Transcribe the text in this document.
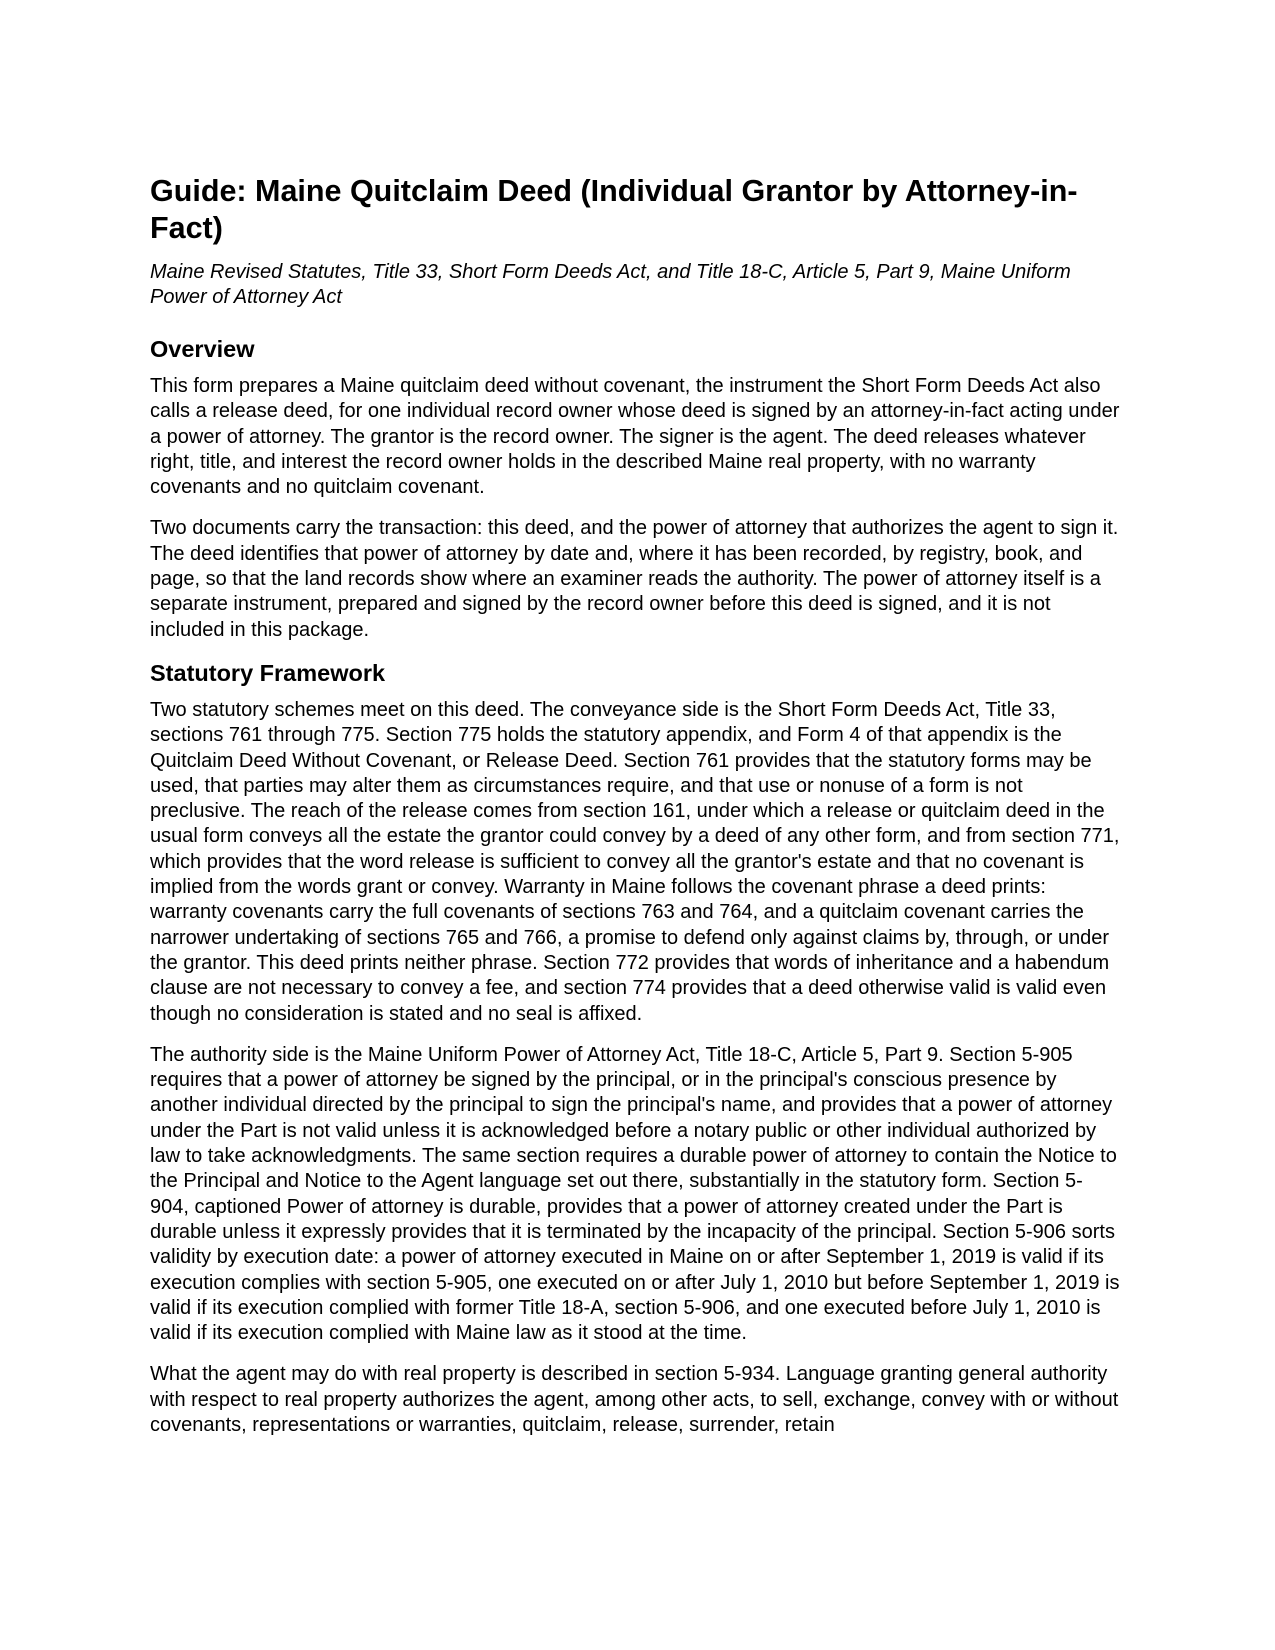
Guide: Maine Quitclaim Deed (Individual Grantor by Attorney-in-Fact)

Maine Revised Statutes, Title 33, Short Form Deeds Act, and Title 18-C, Article 5, Part 9, Maine Uniform Power of Attorney Act

Overview

This form prepares a Maine quitclaim deed without covenant, the instrument the Short Form Deeds Act also calls a release deed, for one individual record owner whose deed is signed by an attorney-in-fact acting under a power of attorney. The grantor is the record owner. The signer is the agent. The deed releases whatever right, title, and interest the record owner holds in the described Maine real property, with no warranty covenants and no quitclaim covenant.

Two documents carry the transaction: this deed, and the power of attorney that authorizes the agent to sign it. The deed identifies that power of attorney by date and, where it has been recorded, by registry, book, and page, so that the land records show where an examiner reads the authority. The power of attorney itself is a separate instrument, prepared and signed by the record owner before this deed is signed, and it is not included in this package.

Statutory Framework

Two statutory schemes meet on this deed. The conveyance side is the Short Form Deeds Act, Title 33, sections 761 through 775. Section 775 holds the statutory appendix, and Form 4 of that appendix is the Quitclaim Deed Without Covenant, or Release Deed. Section 761 provides that the statutory forms may be used, that parties may alter them as circumstances require, and that use or nonuse of a form is not preclusive. The reach of the release comes from section 161, under which a release or quitclaim deed in the usual form conveys all the estate the grantor could convey by a deed of any other form, and from section 771, which provides that the word release is sufficient to convey all the grantor's estate and that no covenant is implied from the words grant or convey. Warranty in Maine follows the covenant phrase a deed prints: warranty covenants carry the full covenants of sections 763 and 764, and a quitclaim covenant carries the narrower undertaking of sections 765 and 766, a promise to defend only against claims by, through, or under the grantor. This deed prints neither phrase. Section 772 provides that words of inheritance and a habendum clause are not necessary to convey a fee, and section 774 provides that a deed otherwise valid is valid even though no consideration is stated and no seal is affixed.

The authority side is the Maine Uniform Power of Attorney Act, Title 18-C, Article 5, Part 9. Section 5-905 requires that a power of attorney be signed by the principal, or in the principal's conscious presence by another individual directed by the principal to sign the principal's name, and provides that a power of attorney under the Part is not valid unless it is acknowledged before a notary public or other individual authorized by law to take acknowledgments. The same section requires a durable power of attorney to contain the Notice to the Principal and Notice to the Agent language set out there, substantially in the statutory form. Section 5-904, captioned Power of attorney is durable, provides that a power of attorney created under the Part is durable unless it expressly provides that it is terminated by the incapacity of the principal. Section 5-906 sorts validity by execution date: a power of attorney executed in Maine on or after September 1, 2019 is valid if its execution complies with section 5-905, one executed on or after July 1, 2010 but before September 1, 2019 is valid if its execution complied with former Title 18-A, section 5-906, and one executed before July 1, 2010 is valid if its execution complied with Maine law as it stood at the time.

What the agent may do with real property is described in section 5-934. Language granting general authority with respect to real property authorizes the agent, among other acts, to sell, exchange, convey with or without covenants, representations or warranties, quitclaim, release, surrender, retain
